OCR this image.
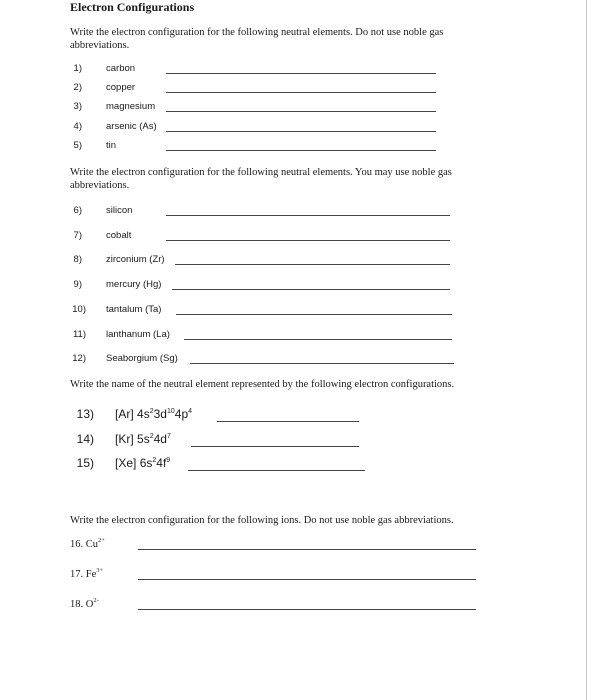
Electron Configurations
Write the electron configuration for the following neutral elements. Do not use noble gas abbreviations.
1)	carbon
2)	copper
3)	magnesium
4)	arsenic (As)
5)	tin
Write the electron configuration for the following neutral elements. You may use noble gas abbreviations.
6)	silicon
7)	cobalt
8)	zirconium (Zr)
9)	mercury (Hg)
10) tantalum (Ta)
11) lanthanum (La)
12) Seaborgium (Sg)
Write the name of the neutral element represented by the following electron configurations.
13) [Ar] $4s^23d^{10}4p^4$
14) [Kr] $5s^24d^7$
15) [Xe] $6s^24f^9$
Write the electron configuration for the following ions. Do not use noble gas abbreviations.
16. $Cu^{2+}$
17. $Fe^{3+}$
18. $O^{2-}$
